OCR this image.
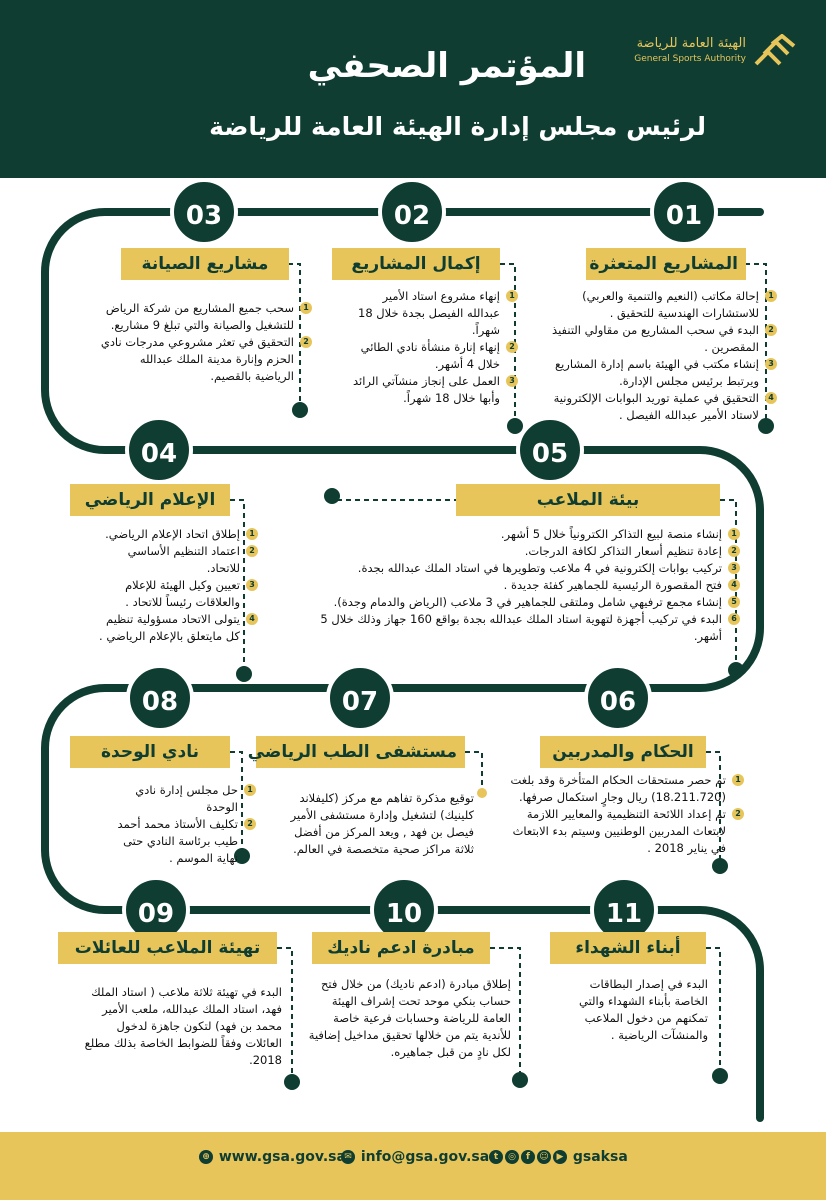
المؤتمر الصحفي
لرئيس مجلس إدارة الهيئة العامة للرياضة
الهيئة العامة للرياضة
General Sports Authority
01
02
03
05
04
06
07
08
11
10
09
المشاريع المتعثرة
إكمال المشاريع
مشاريع الصيانة
بيئة الملاعب
الإعلام الرياضي
الحكام والمدربين
مستشفى الطب الرياضي
نادي الوحدة
أبناء الشهداء
مبادرة ادعم ناديك
تهيئة الملاعب للعائلات
1
إحالة مكاتب (النعيم والتنمية والعربي) للاستشارات الهندسية للتحقيق .
2
البدء في سحب المشاريع من مقاولي التنفيذ المقصرين .
3
إنشاء مكتب في الهيئة باسم إدارة المشاريع ويرتبط برئيس مجلس الإدارة.
4
التحقيق في عملية توريد البوابات الإلكترونية لاستاد الأمير عبدالله الفيصل .
1
إنهاء مشروع استاد الأمير عبدالله الفيصل بجدة خلال 18 شهراً.
2
إنهاء إنارة منشأة نادي الطائي خلال 4 أشهر.
3
العمل على إنجاز منشآتي الرائد وأبها خلال 18 شهراً.
1
سحب جميع المشاريع من شركة الرياض للتشغيل والصيانة والتي تبلغ 9 مشاريع.
2
التحقيق في تعثر مشروعي مدرجات نادي الحزم وإنارة مدينة الملك عبدالله الرياضية بالقصيم.
1
إنشاء منصة لبيع التذاكر الكترونياً خلال 5 أشهر.
2
إعادة تنظيم أسعار التذاكر لكافة الدرجات.
3
تركيب بوابات إلكترونية في 4 ملاعب وتطويرها في استاد الملك عبدالله بجدة.
4
فتح المقصورة الرئيسية للجماهير كفئة جديدة .
5
إنشاء مجمع ترفيهي شامل وملتقى للجماهير في 3 ملاعب (الرياض والدمام وجدة).
6
البدء في تركيب أجهزة لتهوية استاد الملك عبدالله بجدة بواقع 160 جهاز وذلك خلال 5 أشهر.
1
إطلاق اتحاد الإعلام الرياضي.
2
اعتماد التنظيم الأساسي للاتحاد.
3
تعيين وكيل الهيئة للإعلام والعلاقات رئيساً للاتحاد .
4
يتولى الاتحاد مسؤولية تنظيم كل مايتعلق بالإعلام الرياضي .
1
تم حصر مستحقات الحكام المتأخرة وقد بلغت (18.211.720) ريال وجارٍ استكمال صرفها.
2
تم إعداد اللائحة التنظيمية والمعايير اللازمة لابتعاث المدربين الوطنيين وسيتم بدء الابتعاث في يناير 2018 .
توقيع مذكرة تفاهم مع مركز (كليفلاند كلينيك) لتشغيل وإدارة مستشفى الأمير فيصل بن فهد , ويعد المركز من أفضل ثلاثة مراكز صحية متخصصة في العالم.
1
حل مجلس إدارة نادي الوحدة
2
تكليف الأستاذ محمد أحمد طيب برئاسة النادي حتى نهاية الموسم .
البدء في إصدار البطاقات الخاصة بأبناء الشهداء والتي تمكنهم من دخول الملاعب والمنشآت الرياضية .
إطلاق مبادرة (ادعم ناديك) من خلال فتح حساب بنكي موحد تحت إشراف الهيئة العامة للرياضة وحسابات فرعية خاصة للأندية يتم من خلالها تحقيق مداخيل إضافية لكل نادٍ من قبل جماهيره.
البدء في تهيئة ثلاثة ملاعب ( استاد الملك فهد، استاد الملك عبدالله، ملعب الأمير محمد بن فهد) لتكون جاهزة لدخول العائلات وفقاً للضوابط الخاصة بذلك مطلع 2018.
t ◎ f ☺ ▶ gsaksa
✉ info@gsa.gov.sa
⊕ www.gsa.gov.sa
